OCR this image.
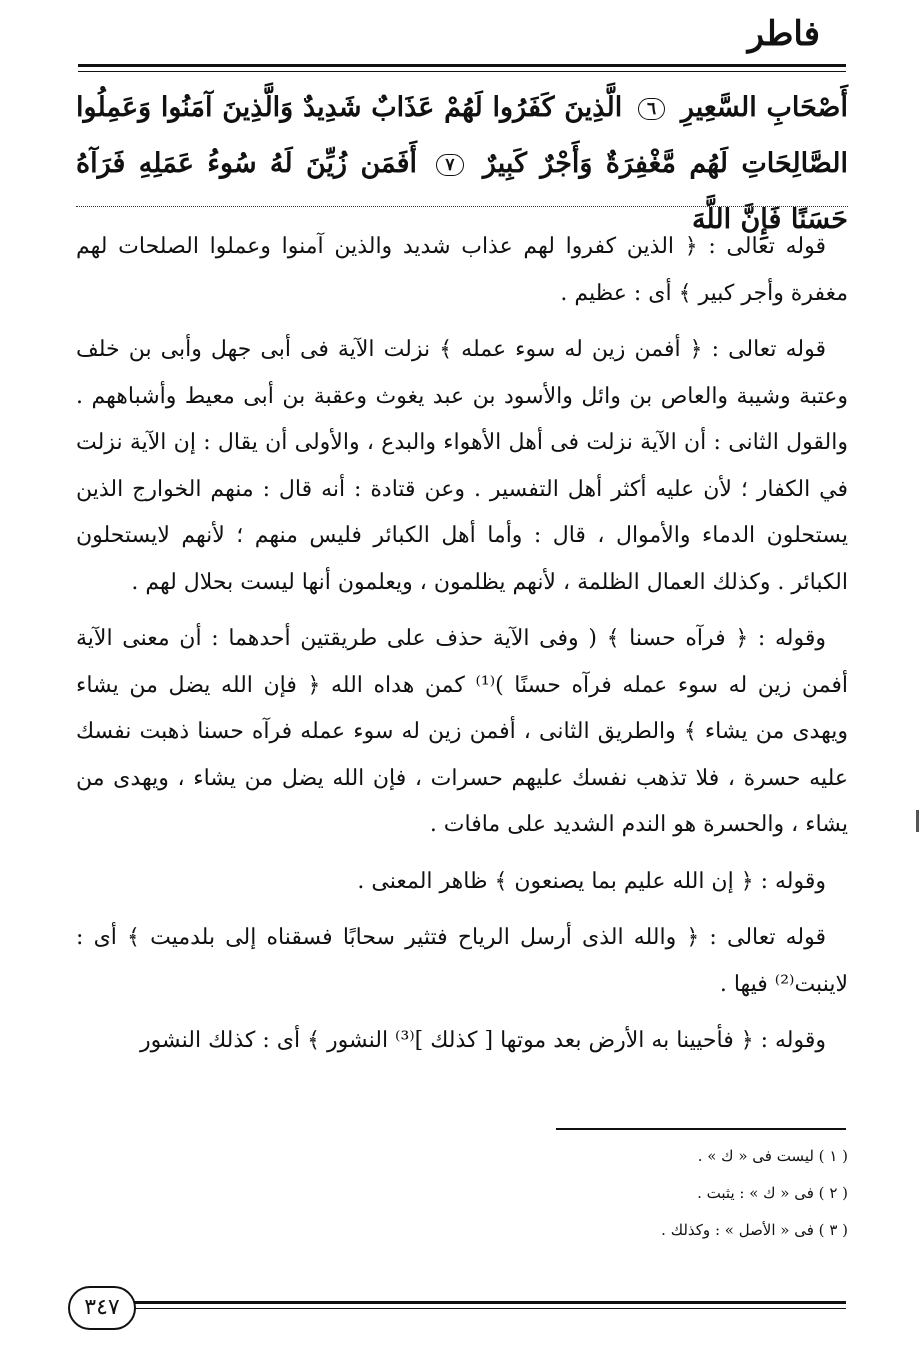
فاطر
أَصْحَابِ السَّعِيرِ ٦ الَّذِينَ كَفَرُوا لَهُمْ عَذَابٌ شَدِيدٌ وَالَّذِينَ آمَنُوا وَعَمِلُوا الصَّالِحَاتِ لَهُم مَّغْفِرَةٌ وَأَجْرٌ كَبِيرٌ ٧ أَفَمَن زُيِّنَ لَهُ سُوءُ عَمَلِهِ فَرَآهُ حَسَنًا فَإِنَّ اللَّهَ

قوله تعالى : ﴿ الذين كفروا لهم عذاب شديد والذين آمنوا وعملوا الصلحات لهم مغفرة وأجر كبير ﴾ أى : عظيم .

قوله تعالى : ﴿ أفمن زين له سوء عمله ﴾ نزلت الآية فى أبى جهل وأبى بن خلف وعتبة وشيبة والعاص بن وائل والأسود بن عبد يغوث وعقبة بن أبى معيط وأشباههم . والقول الثانى : أن الآية نزلت فى أهل الأهواء والبدع ، والأولى أن يقال : إن الآية نزلت في الكفار ؛ لأن عليه أكثر أهل التفسير . وعن قتادة : أنه قال : منهم الخوارج الذين يستحلون الدماء والأموال ، قال : وأما أهل الكبائر فليس منهم ؛ لأنهم لايستحلون الكبائر . وكذلك العمال الظلمة ، لأنهم يظلمون ، ويعلمون أنها ليست بحلال لهم .

وقوله : ﴿ فرآه حسنا ﴾ ( وفى الآية حذف على طريقتين أحدهما : أن معنى الآية أفمن زين له سوء عمله فرآه حسنًا )⁽¹⁾ كمن هداه الله ﴿ فإن الله يضل من يشاء ويهدى من يشاء ﴾ والطريق الثانى ، أفمن زين له سوء عمله فرآه حسنا ذهبت نفسك عليه حسرة ، فلا تذهب نفسك عليهم حسرات ، فإن الله يضل من يشاء ، ويهدى من يشاء ، والحسرة هو الندم الشديد على مافات .

وقوله : ﴿ إن الله عليم بما يصنعون ﴾ ظاهر المعنى .

قوله تعالى : ﴿ والله الذى أرسل الرياح فتثير سحابًا فسقناه إلى بلدميت ﴾ أى : لاينبت⁽²⁾ فيها .

وقوله : ﴿ فأحيينا به الأرض بعد موتها [ كذلك ]⁽³⁾ النشور ﴾ أى : كذلك النشور

( ١ ) ليست فى « ك » .
( ٢ ) فى « ك » : يثبت .
( ٣ ) فى « الأصل » : وكذلك .
٣٤٧
